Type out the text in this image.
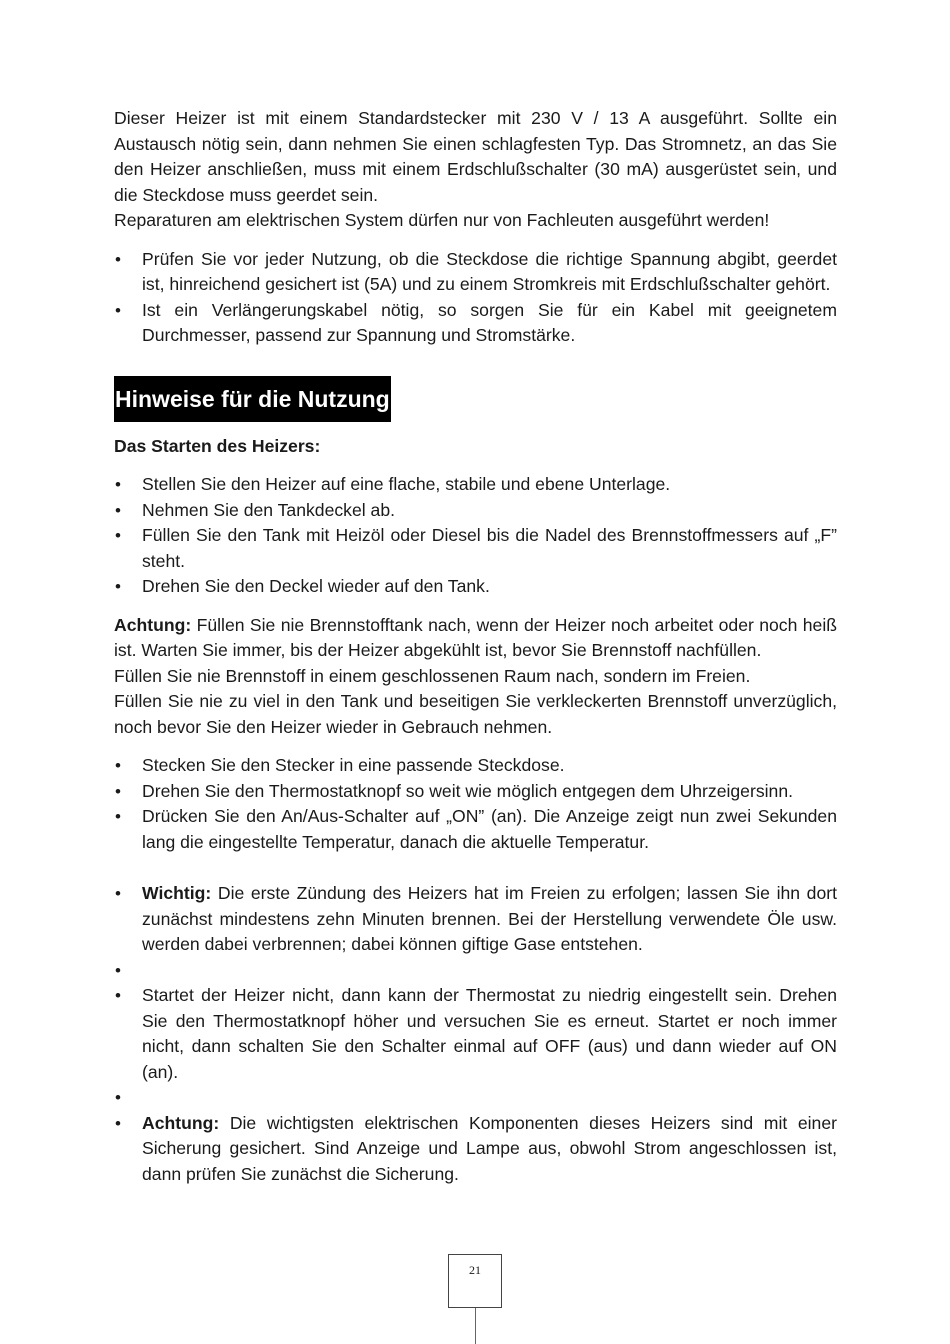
Dieser Heizer ist mit einem Standardstecker mit 230 V / 13 A ausgeführt. Sollte ein Austausch nötig sein, dann nehmen Sie einen schlagfesten Typ. Das Stromnetz, an das Sie den Heizer anschließen, muss mit einem Erdschlußschalter (30 mA) ausgerüstet sein, und die Steckdose muss geerdet sein.

Reparaturen am elektrischen System dürfen nur von Fachleuten ausgeführt werden!

• Prüfen Sie vor jeder Nutzung, ob die Steckdose die richtige Spannung abgibt, geerdet ist, hinreichend gesichert ist (5A) und zu einem Stromkreis mit Erdschlußschalter gehört.
• Ist ein Verlängerungskabel nötig, so sorgen Sie für ein Kabel mit geeignetem Durchmesser, passend zur Spannung und Stromstärke.
Hinweise für die Nutzung

Das Starten des Heizers:

• Stellen Sie den Heizer auf eine flache, stabile und ebene Unterlage.
• Nehmen Sie den Tankdeckel ab.
• Füllen Sie den Tank mit Heizöl oder Diesel bis die Nadel des Brennstoffmessers auf „F” steht.
• Drehen Sie den Deckel wieder auf den Tank.

Achtung: Füllen Sie nie Brennstofftank nach, wenn der Heizer noch arbeitet oder noch heiß ist. Warten Sie immer, bis der Heizer abgekühlt ist, bevor Sie Brennstoff nachfüllen.

Füllen Sie nie Brennstoff in einem geschlossenen Raum nach, sondern im Freien.

Füllen Sie nie zu viel in den Tank und beseitigen Sie verkleckerten Brennstoff unverzüglich, noch bevor Sie den Heizer wieder in Gebrauch nehmen.

• Stecken Sie den Stecker in eine passende Steckdose.
• Drehen Sie den Thermostatknopf so weit wie möglich entgegen dem Uhrzeigersinn.
• Drücken Sie den An/Aus-Schalter auf „ON” (an). Die Anzeige zeigt nun zwei Sekunden lang die eingestellte Temperatur, danach die aktuelle Temperatur.
• Wichtig: Die erste Zündung des Heizers hat im Freien zu erfolgen; lassen Sie ihn dort zunächst mindestens zehn Minuten brennen. Bei der Herstellung verwendete Öle usw. werden dabei verbrennen; dabei können giftige Gase entstehen.
•
• Startet der Heizer nicht, dann kann der Thermostat zu niedrig eingestellt sein. Drehen Sie den Thermostatknopf höher und versuchen Sie es erneut. Startet er noch immer nicht, dann schalten Sie den Schalter einmal auf OFF (aus) und dann wieder auf ON (an).
•
• Achtung: Die wichtigsten elektrischen Komponenten dieses Heizers sind mit einer Sicherung gesichert. Sind Anzeige und Lampe aus, obwohl Strom angeschlossen ist, dann prüfen Sie zunächst die Sicherung.
21
